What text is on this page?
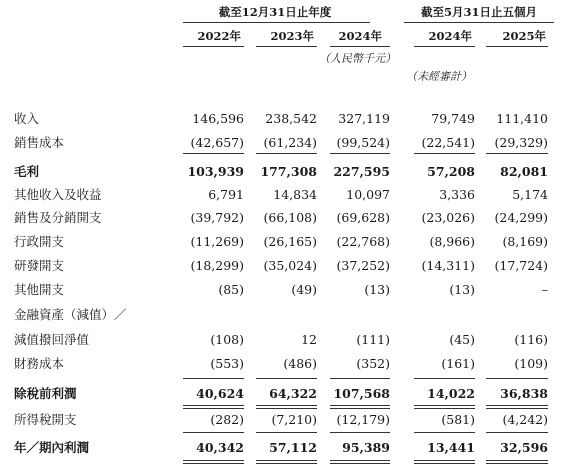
截至12月31日止年度	截至5月31日止五個月
2022年	2023年	2024年	2024年	2025年
（人民幣千元）
（未經審計）
收入	146,596	238,542	327,119	79,749	111,410
銷售成本	(42,657)	(61,234)	(99,524)	(22,541)	(29,329)
毛利	103,939	177,308	227,595	57,208	82,081
其他收入及收益	6,791	14,834	10,097	3,336	5,174
銷售及分銷開支	(39,792)	(66,108)	(69,628)	(23,026)	(24,299)
行政開支	(11,269)	(26,165)	(22,768)	(8,966)	(8,169)
研發開支	(18,299)	(35,024)	(37,252)	(14,311)	(17,724)
其他開支	(85)	(49)	(13)	(13)	–
金融資產（減值）／
減值撥回淨值	(108)	12	(111)	(45)	(116)
財務成本	(553)	(486)	(352)	(161)	(109)
除稅前利潤	40,624	64,322	107,568	14,022	36,838
所得稅開支	(282)	(7,210)	(12,179)	(581)	(4,242)
年／期內利潤	40,342	57,112	95,389	13,441	32,596
